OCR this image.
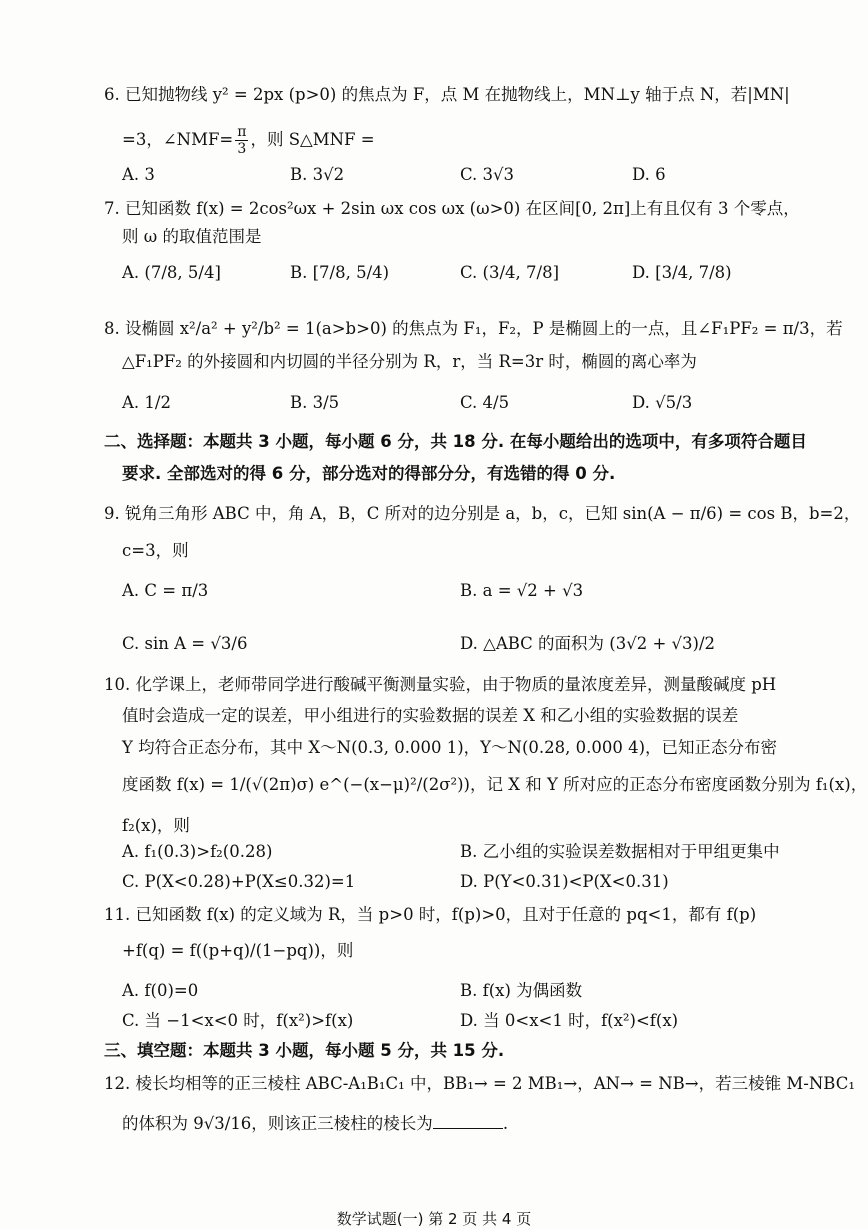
6. 已知抛物线 y² = 2px (p>0) 的焦点为 F，点 M 在抛物线上，MN⊥y 轴于点 N，若|MN|
=3，∠NMF= $\frac{\pi}{3}$ ，则 S△MNF =
A. 3	B. 3√2	C. 3√3	D. 6
7. 已知函数 f(x) = 2cos²ωx + 2sin ωx cos ωx (ω>0) 在区间[0, 2π]上有且仅有 3 个零点，
则 ω 的取值范围是
A. (7/8, 5/4]	B. [7/8, 5/4)	C. (3/4, 7/8]	D. [3/4, 7/8)
8. 设椭圆 x²/a² + y²/b² = 1(a>b>0) 的焦点为 F₁，F₂，P 是椭圆上的一点，且∠F₁PF₂ = π/3，若
△F₁PF₂ 的外接圆和内切圆的半径分别为 R，r，当 R=3r 时，椭圆的离心率为
A. 1/2	B. 3/5	C. 4/5	D. √5/3
二、选择题：本题共 3 小题，每小题 6 分，共 18 分. 在每小题给出的选项中，有多项符合题目
要求. 全部选对的得 6 分，部分选对的得部分分，有选错的得 0 分.
9. 锐角三角形 ABC 中，角 A，B，C 所对的边分别是 a，b，c，已知 sin(A − π/6) = cos B，b=2，
c=3，则
A. C = π/3	B. a = √2 + √3
C. sin A = √3/6	D. △ABC 的面积为 (3√2 + √3)/2
10. 化学课上，老师带同学进行酸碱平衡测量实验，由于物质的量浓度差异，测量酸碱度 pH
值时会造成一定的误差，甲小组进行的实验数据的误差 X 和乙小组的实验数据的误差
Y 均符合正态分布，其中 X～N(0.3, 0.000 1)，Y～N(0.28, 0.000 4)，已知正态分布密
度函数 f(x) = 1/(√(2π)σ) e^(−(x−μ)²/(2σ²))，记 X 和 Y 所对应的正态分布密度函数分别为 f₁(x)，
f₂(x)，则
A. f₁(0.3)>f₂(0.28)	B. 乙小组的实验误差数据相对于甲组更集中
C. P(X<0.28)+P(X≤0.32)=1	D. P(Y<0.31)<P(X<0.31)
11. 已知函数 f(x) 的定义域为 R，当 p>0 时，f(p)>0，且对于任意的 pq<1，都有 f(p)
+f(q) = f((p+q)/(1−pq))，则
A. f(0)=0	B. f(x) 为偶函数
C. 当 −1<x<0 时，f(x²)>f(x)	D. 当 0<x<1 时，f(x²)<f(x)
三、填空题：本题共 3 小题，每小题 5 分，共 15 分.
12. 棱长均相等的正三棱柱 ABC-A₁B₁C₁ 中，BB₁→ = 2 MB₁→，AN→ = NB→，若三棱锥 M-NBC₁
的体积为 9√3/16，则该正三棱柱的棱长为	.
数学试题(一) 第 2 页 共 4 页
